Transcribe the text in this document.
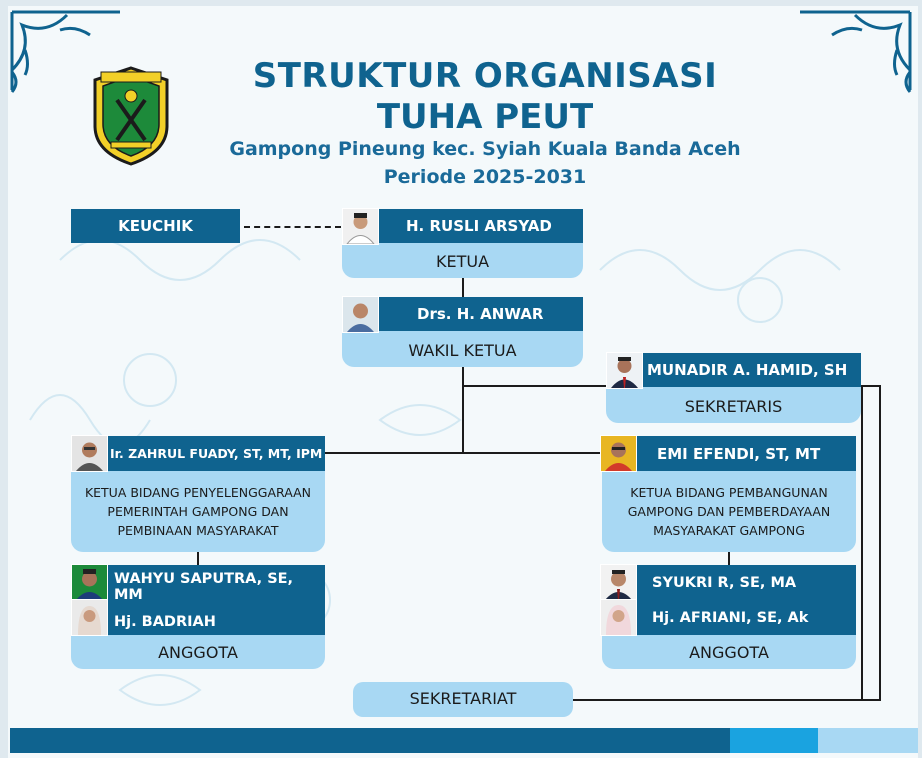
STRUKTUR ORGANISASI
TUHA PEUT
Gampong Pineung kec. Syiah Kuala Banda Aceh
Periode 2025-2031
KEUCHIK	H. RUSLI ARSYAD
KETUA
Drs. H. ANWAR
WAKIL KETUA
MUNADIR A. HAMID, SH
SEKRETARIS
Ir. ZAHRUL FUADY, ST, MT, IPM
KETUA BIDANG PENYELENGGARAAN
PEMERINTAH GAMPONG DAN
PEMBINAAN MASYARAKAT
EMI EFENDI, ST, MT
KETUA BIDANG PEMBANGUNAN
GAMPONG DAN PEMBERDAYAAN
MASYARAKAT GAMPONG
WAHYU SAPUTRA, SE, MM
Hj. BADRIAH
ANGGOTA
SYUKRI R, SE, MA
Hj. AFRIANI, SE, Ak
ANGGOTA
SEKRETARIAT
